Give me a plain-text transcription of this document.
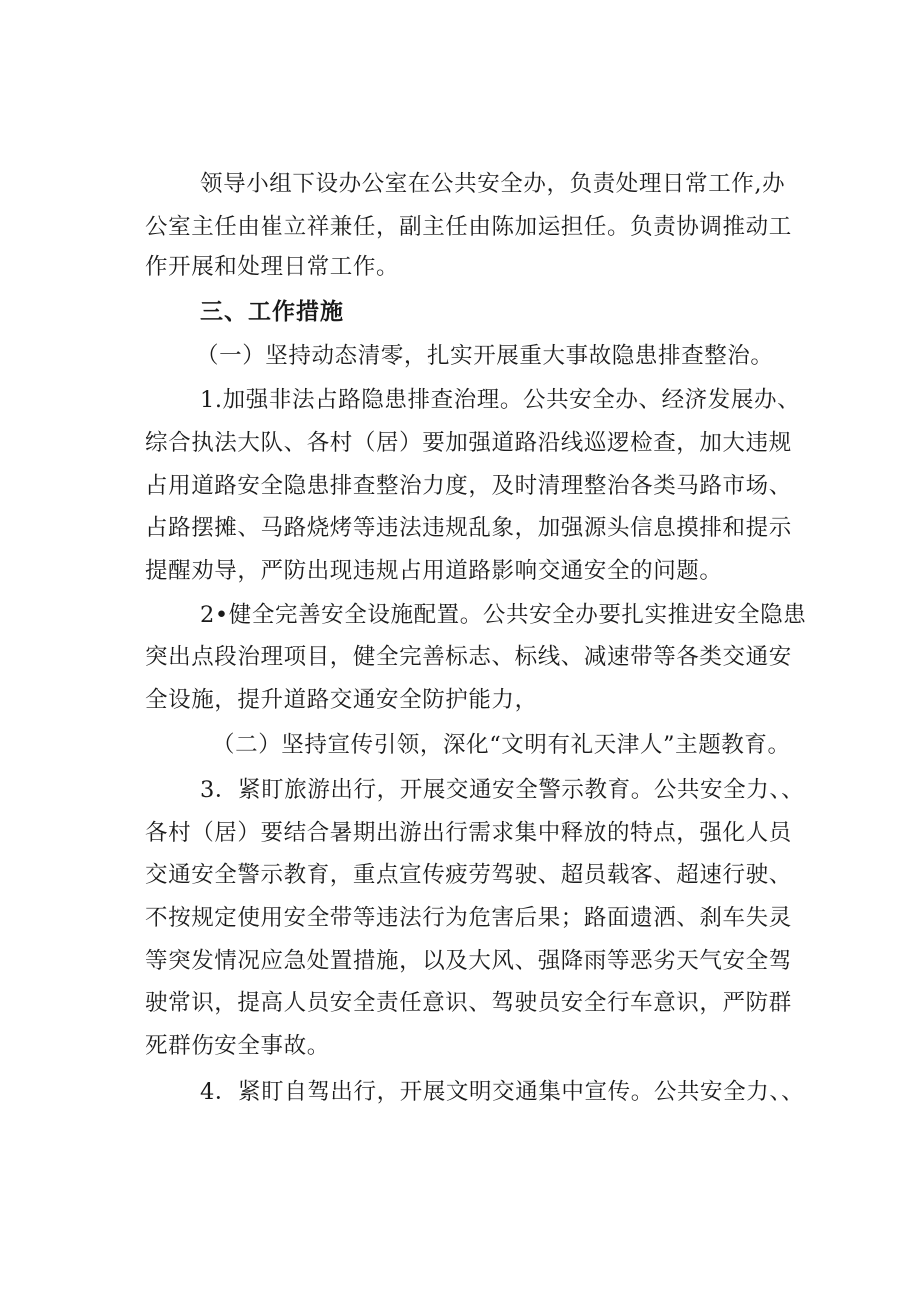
领导小组下设办公室在公共安全办，负责处理日常工作,办
公室主任由崔立祥兼任，副主任由陈加运担任。负责协调推动工
作开展和处理日常工作。
三、工作措施
（一）坚持动态清零，扎实开展重大事故隐患排查整治。
1.加强非法占路隐患排查治理。公共安全办、经济发展办、
综合执法大队、各村（居）要加强道路沿线巡逻检查，加大违规
占用道路安全隐患排查整治力度，及时清理整治各类马路市场、
占路摆摊、马路烧烤等违法违规乱象，加强源头信息摸排和提示
提醒劝导，严防出现违规占用道路影响交通安全的问题。
2•健全完善安全设施配置。公共安全办要扎实推进安全隐患
突出点段治理项目，健全完善标志、标线、减速带等各类交通安
全设施，提升道路交通安全防护能力，
（二）坚持宣传引领，深化“文明有礼天津人”主题教育。
3．紧盯旅游出行，开展交通安全警示教育。公共安全力、、
各村（居）要结合暑期出游出行需求集中释放的特点，强化人员
交通安全警示教育，重点宣传疲劳驾驶、超员载客、超速行驶、
不按规定使用安全带等违法行为危害后果；路面遗洒、刹车失灵
等突发情况应急处置措施，以及大风、强降雨等恶劣天气安全驾
驶常识，提高人员安全责任意识、驾驶员安全行车意识，严防群
死群伤安全事故。
4．紧盯自驾出行，开展文明交通集中宣传。公共安全力、、
